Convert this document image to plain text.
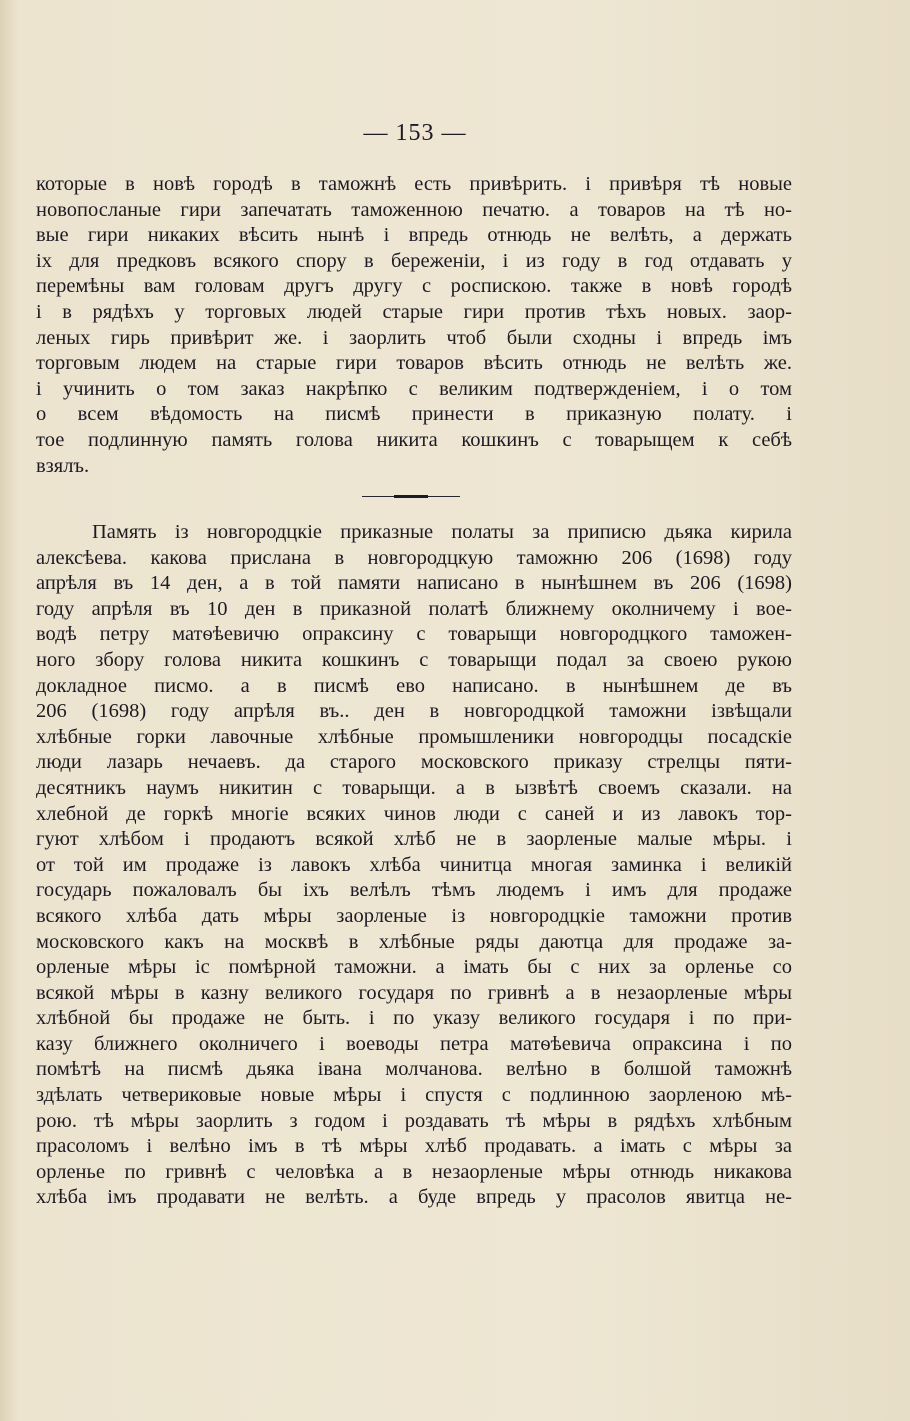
— 153 —
которые в новѣ городѣ в таможнѣ есть привѣрить. і привѣря тѣ новые
новопосланые гири запечатать таможенною печатю. а товаров на тѣ но-
вые гири никаких вѣсить нынѣ і впредь отнюдь не велѣть, а держать
іх для предковъ всякого спору в береженіи, і из году в год отдавать у
перемѣны вам головам другъ другу с роспискою. также в новѣ городѣ
і в рядѣхъ у торговых людей старые гири против тѣхъ новых. заор-
леных гирь привѣрит же. і заорлить чтоб были сходны і впредь імъ
торговым людем на старые гири товаров вѣсить отнюдь не велѣть же.
і учинить о том заказ накрѣпко с великим подтвержденіем, і о том
о всем вѣдомость на писмѣ принести в приказную полату. і
тое подлинную память голова никита кошкинъ с товарыщем к себѣ
взялъ.
Память із новгородцкіе приказные полаты за приписю дьяка кирила
алексѣева. какова прислана в новгородцкую таможню 206 (1698) году
апрѣля въ 14 ден, а в той памяти написано в нынѣшнем въ 206 (1698)
году апрѣля въ 10 ден в приказной полатѣ ближнему околничему і вое-
водѣ петру матѳѣевичю опраксину с товарыщи новгородцкого таможен-
ного збору голова никита кошкинъ с товарыщи подал за своею рукою
докладное писмо. а в писмѣ ево написано. в нынѣшнем де въ
206 (1698) году апрѣля въ.. ден в новгородцкой таможни ізвѣщали
хлѣбные горки лавочные хлѣбные промышленики новгородцы посадскіе
люди лазарь нечаевъ. да старого московского приказу стрелцы пяти-
десятникъ наумъ никитин с товарыщи. а в ызвѣтѣ своемъ сказали. на
хлебной де горкѣ многіе всяких чинов люди с саней и из лавокъ тор-
гуют хлѣбом і продаютъ всякой хлѣб не в заорленые малые мѣры. і
от той им продаже із лавокъ хлѣба чинитца многая заминка і великій
государь пожаловалъ бы іхъ велѣлъ тѣмъ людемъ і имъ для продаже
всякого хлѣба дать мѣры заорленые із новгородцкіе таможни против
московского какъ на москвѣ в хлѣбные ряды даютца для продаже за-
орленые мѣры іс помѣрной таможни. а імать бы с них за орленье со
всякой мѣры в казну великого государя по гривнѣ а в незаорленые мѣры
хлѣбной бы продаже не быть. і по указу великого государя і по при-
казу ближнего околничего і воеводы петра матѳѣевича опраксина і по
помѣтѣ на писмѣ дьяка івана молчанова. велѣно в болшой таможнѣ
здѣлать четвериковые новые мѣры і спустя с подлинною заорленою мѣ-
рою. тѣ мѣры заорлить з годом і роздавать тѣ мѣры в рядѣхъ хлѣбным
прасоломъ і велѣно імъ в тѣ мѣры хлѣб продавать. а імать с мѣры за
орленье по гривнѣ с человѣка а в незаорленые мѣры отнюдь никакова
хлѣба імъ продавати не велѣть. а буде впредь у прасолов явитца не-
